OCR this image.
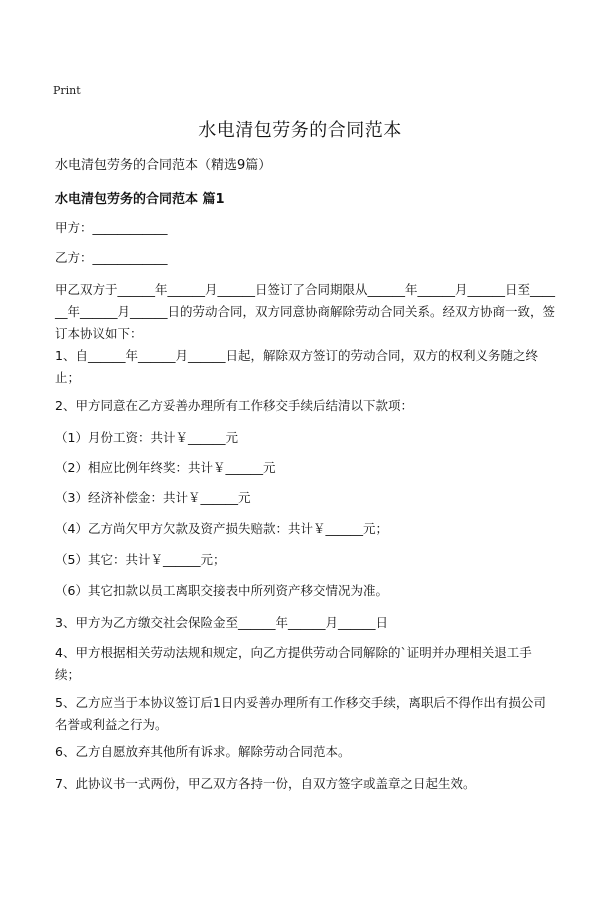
Print
水电清包劳务的合同范本
水电清包劳务的合同范本（精选9篇）
水电清包劳务的合同范本 篇1
甲方：____________
乙方：____________
甲乙双方于______年______月______日签订了合同期限从______年______月______日至______年______月______日的劳动合同，双方同意协商解除劳动合同关系。经双方协商一致，签订本协议如下：
1、自______年______月______日起，解除双方签订的劳动合同，双方的权利义务随之终止；
2、甲方同意在乙方妥善办理所有工作移交手续后结清以下款项：
（1）月份工资：共计￥______元
（2）相应比例年终奖：共计￥______元
（3）经济补偿金：共计￥______元
（4）乙方尚欠甲方欠款及资产损失赔款：共计￥______元；
（5）其它：共计￥______元；
（6）其它扣款以员工离职交接表中所列资产移交情况为准。
3、甲方为乙方缴交社会保险金至______年______月______日
4、甲方根据相关劳动法规和规定，向乙方提供劳动合同解除的`证明并办理相关退工手续；
5、乙方应当于本协议签订后1日内妥善办理所有工作移交手续，离职后不得作出有损公司名誉或利益之行为。
6、乙方自愿放弃其他所有诉求。解除劳动合同范本。
7、此协议书一式两份，甲乙双方各持一份，自双方签字或盖章之日起生效。
